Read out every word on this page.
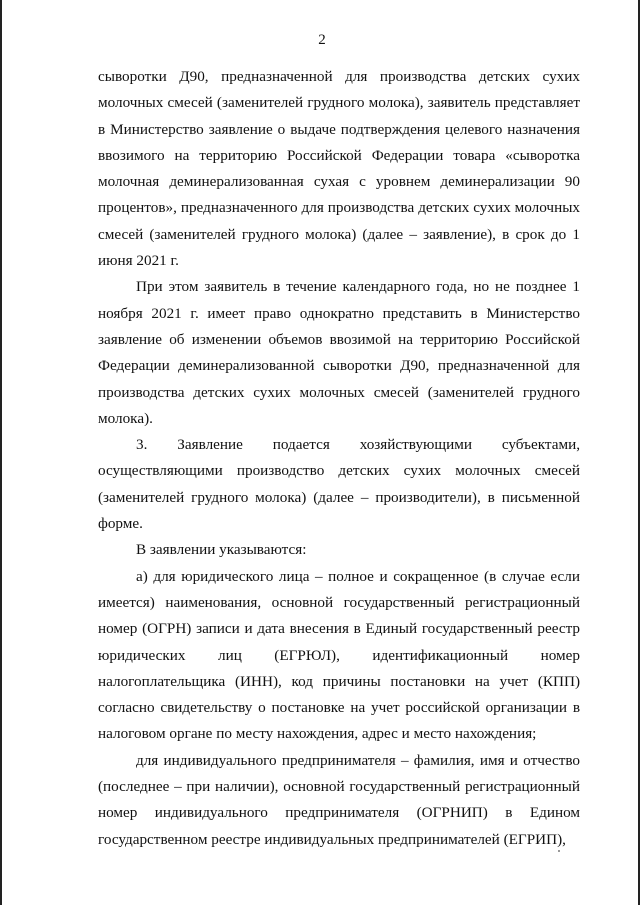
2

сыворотки Д90, предназначенной для производства детских сухих молочных смесей (заменителей грудного молока), заявитель представляет в Министерство заявление о выдаче подтверждения целевого назначения ввозимого на территорию Российской Федерации товара «сыворотка молочная деминерализованная сухая с уровнем деминерализации 90 процентов», предназначенного для производства детских сухих молочных смесей (заменителей грудного молока) (далее – заявление), в срок до 1 июня 2021 г.

При этом заявитель в течение календарного года, но не позднее 1 ноября 2021 г. имеет право однократно представить в Министерство заявление об изменении объемов ввозимой на территорию Российской Федерации деминерализованной сыворотки Д90, предназначенной для производства детских сухих молочных смесей (заменителей грудного молока).

3. Заявление подается хозяйствующими субъектами, осуществляющими производство детских сухих молочных смесей (заменителей грудного молока) (далее – производители), в письменной форме.

В заявлении указываются:

а) для юридического лица – полное и сокращенное (в случае если имеется) наименования, основной государственный регистрационный номер (ОГРН) записи и дата внесения в Единый государственный реестр юридических лиц (ЕГРЮЛ), идентификационный номер налогоплательщика (ИНН), код причины постановки на учет (КПП) согласно свидетельству о постановке на учет российской организации в налоговом органе по месту нахождения, адрес и место нахождения;

для индивидуального предпринимателя – фамилия, имя и отчество (последнее – при наличии), основной государственный регистрационный номер индивидуального предпринимателя (ОГРНИП) в Едином государственном реестре индивидуальных предпринимателей (ЕГРИП),
